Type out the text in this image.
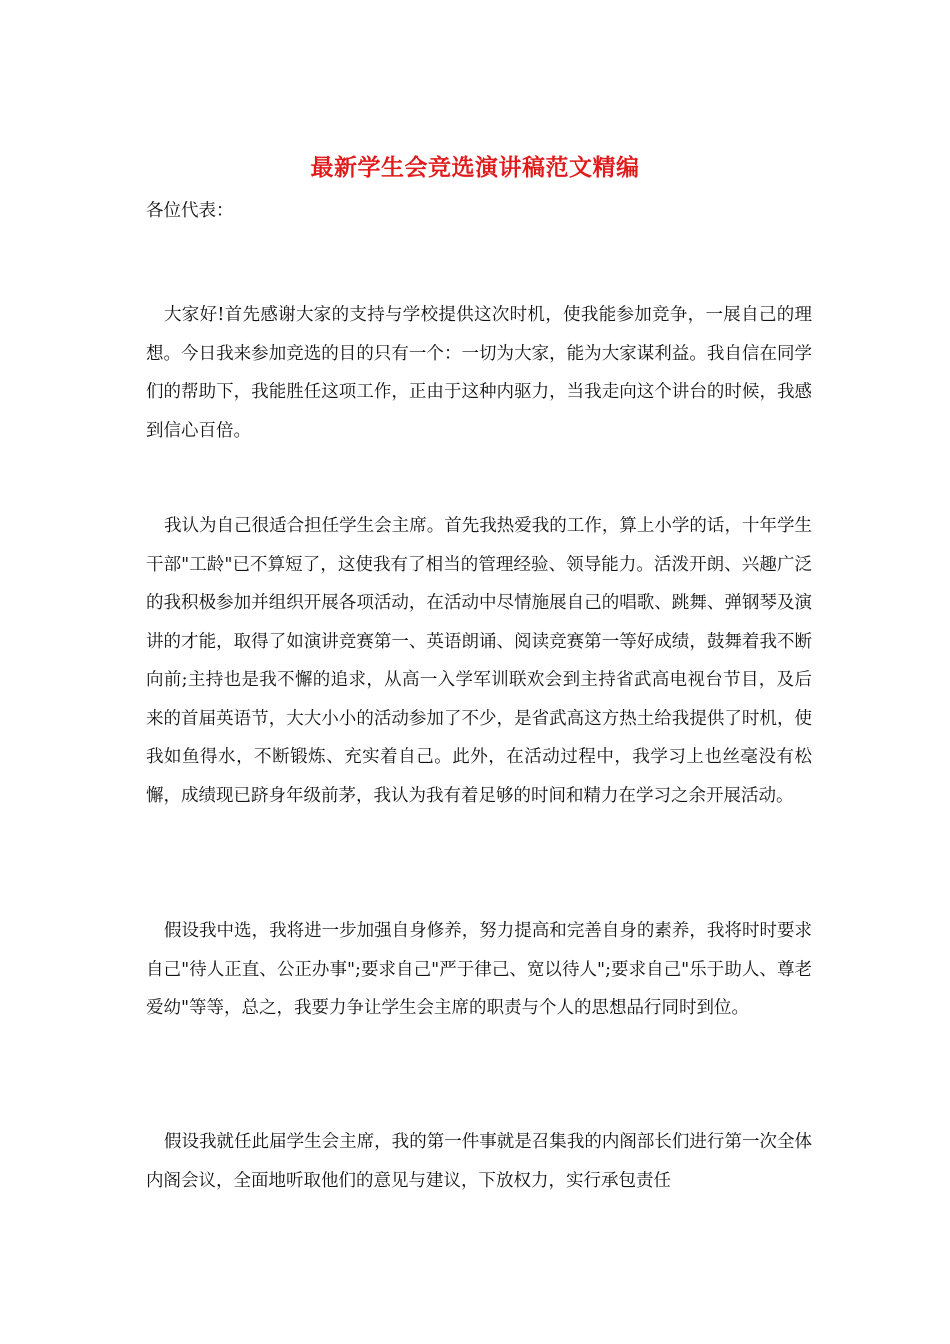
最新学生会竞选演讲稿范文精编
各位代表：

大家好!首先感谢大家的支持与学校提供这次时机，使我能参加竞争，一展自己的理想。今日我来参加竞选的目的只有一个：一切为大家，能为大家谋利益。我自信在同学们的帮助下，我能胜任这项工作，正由于这种内驱力，当我走向这个讲台的时候，我感到信心百倍。

我认为自己很适合担任学生会主席。首先我热爱我的工作，算上小学的话，十年学生干部"工龄"已不算短了，这使我有了相当的管理经验、领导能力。活泼开朗、兴趣广泛的我积极参加并组织开展各项活动，在活动中尽情施展自己的唱歌、跳舞、弹钢琴及演讲的才能，取得了如演讲竞赛第一、英语朗诵、阅读竞赛第一等好成绩，鼓舞着我不断向前;主持也是我不懈的追求，从高一入学军训联欢会到主持省武高电视台节目，及后来的首届英语节，大大小小的活动参加了不少，是省武高这方热土给我提供了时机，使我如鱼得水，不断锻炼、充实着自己。此外，在活动过程中，我学习上也丝毫没有松懈，成绩现已跻身年级前茅，我认为我有着足够的时间和精力在学习之余开展活动。

假设我中选，我将进一步加强自身修养，努力提高和完善自身的素养，我将时时要求自己"待人正直、公正办事";要求自己"严于律己、宽以待人";要求自己"乐于助人、尊老爱幼"等等，总之，我要力争让学生会主席的职责与个人的思想品行同时到位。

假设我就任此届学生会主席，我的第一件事就是召集我的内阁部长们进行第一次全体内阁会议，全面地听取他们的意见与建议，下放权力，实行承包责任
